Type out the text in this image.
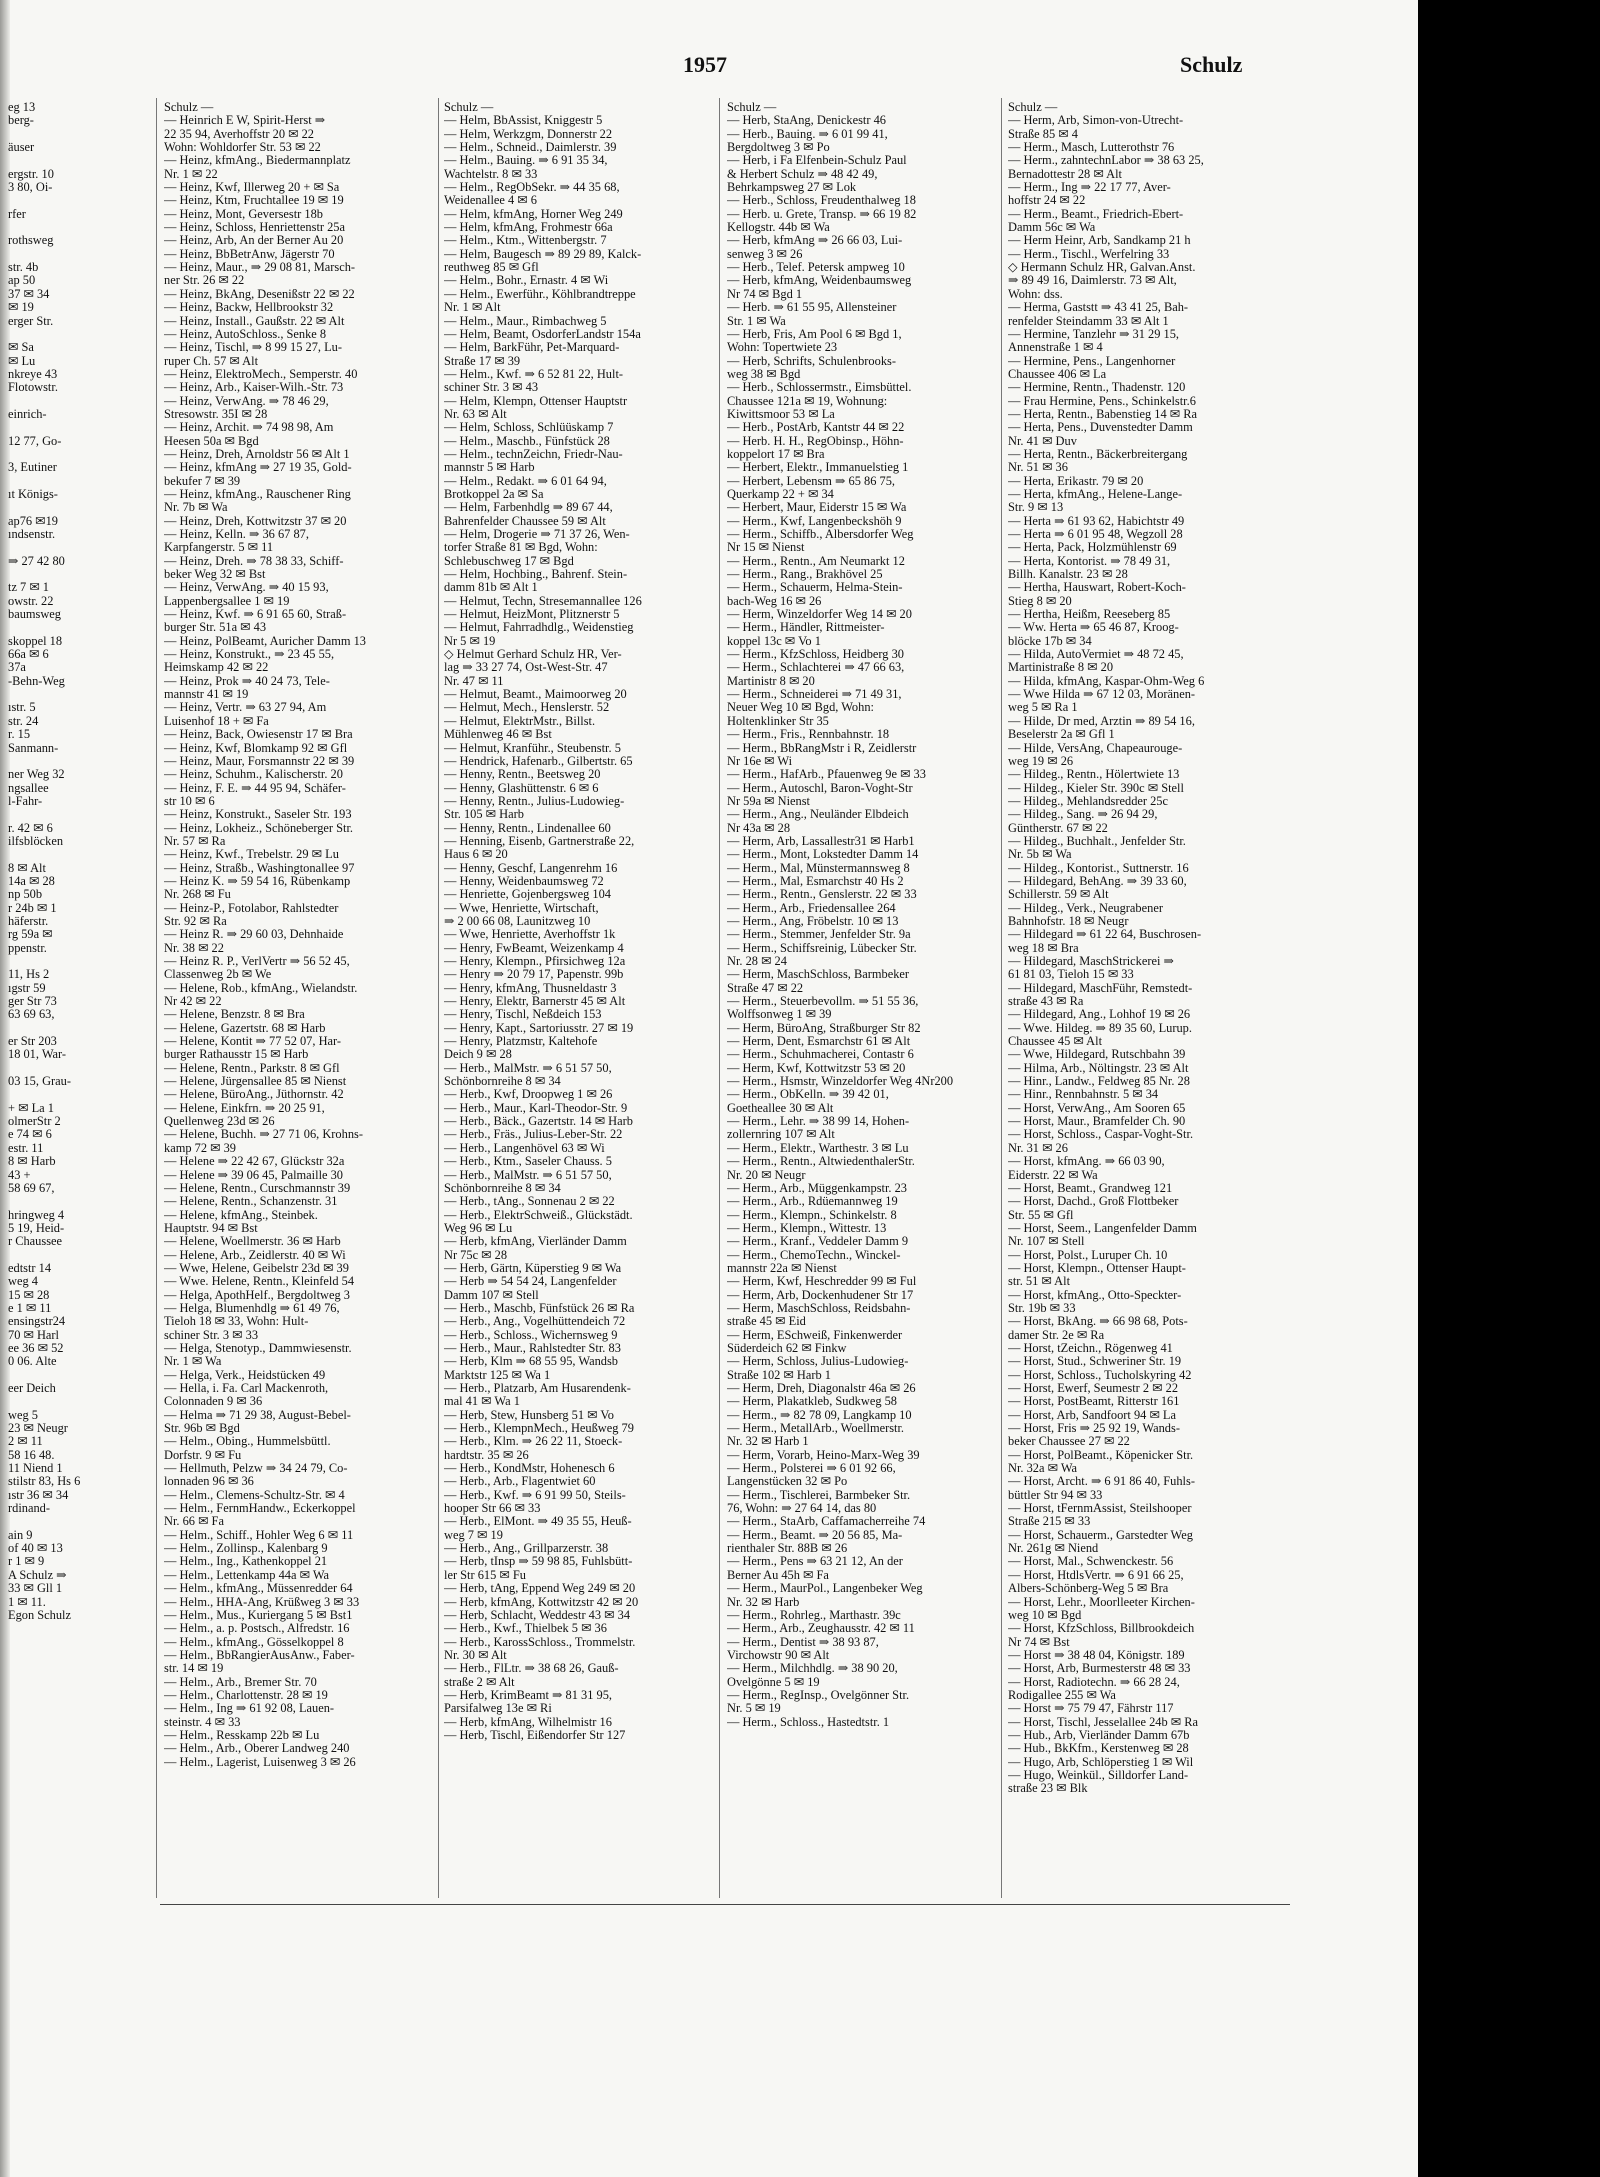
1957	Schulz
eg 13
berg-

äuser

ergstr. 10
3 80, Oi-

rfer

rothsweg

str. 4b
ap 50
37 ✉ 34
✉ 19
erger Str.

✉ Sa
✉ Lu
nkreye 43
Flotowstr.

einrich-

12 77, Go-

3, Eutiner

ıt Königs-

ap76 ✉19
ındsenstr.

⇒ 27 42 80

tz 7 ✉ 1
owstr. 22
baumsweg

skoppel 18
66a ✉ 6
37a
-Behn-Weg

ıstr. 5
str. 24
r. 15
Sanmann-

ner Weg 32
ngsallee
l-Fahr-

r. 42 ✉ 6
ilfsblöcken

8 ✉ Alt
14a ✉ 28
np 50b
r 24b ✉ 1
häferstr.
rg 59a ✉
ppenstr.

11, Hs 2
ıgstr 59
ger Str 73
63 69 63,

er Str 203
18 01, War-

03 15, Grau-

+ ✉ La 1
olmerStr 2
e 74 ✉ 6
estr. 11
8 ✉ Harb
43 +
58 69 67,

hringweg 4
5 19, Heid-
r Chaussee

edtstr 14
weg 4
15 ✉ 28
e 1 ✉ 11
ensingstr24
70 ✉ Harl
ee 36 ✉ 52
0 06. Alte

eer Deich

weg 5
23 ✉ Neugr
2 ✉ 11
58 16 48.
11 Niend 1
stilstr 83, Hs 6
ıstr 36 ✉ 34
rdinand-

ain 9
of 40 ✉ 13
r 1 ✉ 9
A Schulz ⇒
33 ✉ Gll 1
1 ✉ 11.
Egon Schulz
Schulz —
— Heinrich E W, Spirit-Herst ⇒
22 35 94, Averhoffstr 20 ✉ 22
Wohn: Wohldorfer Str. 53 ✉ 22
— Heinz, kfmAng., Biedermannplatz
Nr. 1 ✉ 22
— Heinz, Kwf, Illerweg 20 + ✉ Sa
— Heinz, Ktm, Fruchtallee 19 ✉ 19
— Heinz, Mont, Geversestr 18b
— Heinz, Schloss, Henriettenstr 25a
— Heinz, Arb, An der Berner Au 20
— Heinz, BbBetrAnw, Jägerstr 70
— Heinz, Maur., ⇒ 29 08 81, Marsch-
ner Str. 26 ✉ 22
— Heinz, BkAng, Desenißstr 22 ✉ 22
— Heinz, Backw, Hellbrookstr 32
— Heinz, Install., Gaußstr. 22 ✉ Alt
— Heinz, AutoSchloss., Senke 8
— Heinz, Tischl, ⇒ 8 99 15 27, Lu-
ruper Ch. 57 ✉ Alt
— Heinz, ElektroMech., Semperstr. 40
— Heinz, Arb., Kaiser-Wilh.-Str. 73
— Heinz, VerwAng. ⇒ 78 46 29,
Stresowstr. 35I ✉ 28
— Heinz, Archit. ⇒ 74 98 98, Am
Heesen 50a ✉ Bgd
— Heinz, Dreh, Arnoldstr 56 ✉ Alt 1
— Heinz, kfmAng ⇒ 27 19 35, Gold-
bekufer 7 ✉ 39
— Heinz, kfmAng., Rauschener Ring
Nr. 7b ✉ Wa
— Heinz, Dreh, Kottwitzstr 37 ✉ 20
— Heinz, Kelln. ⇒ 36 67 87,
Karpfangerstr. 5 ✉ 11
— Heinz, Dreh. ⇒ 78 38 33, Schiff-
beker Weg 32 ✉ Bst
— Heinz, VerwAng. ⇒ 40 15 93,
Lappenbergsallee 1 ✉ 19
— Heinz, Kwf. ⇒ 6 91 65 60, Straß-
burger Str. 51a ✉ 43
— Heinz, PolBeamt, Auricher Damm 13
— Heinz, Konstrukt., ⇒ 23 45 55,
Heimskamp 42 ✉ 22
— Heinz, Prok ⇒ 40 24 73, Tele-
mannstr 41 ✉ 19
— Heinz, Vertr. ⇒ 63 27 94, Am
Luisenhof 18 + ✉ Fa
— Heinz, Back, Owiesenstr 17 ✉ Bra
— Heinz, Kwf, Blomkamp 92 ✉ Gfl
— Heinz, Maur, Forsmannstr 22 ✉ 39
— Heinz, Schuhm., Kalischerstr. 20
— Heinz, F. E. ⇒ 44 95 94, Schäfer-
str 10 ✉ 6
— Heinz, Konstrukt., Saseler Str. 193
— Heinz, Lokheiz., Schöneberger Str.
Nr. 57 ✉ Ra
— Heinz, Kwf., Trebelstr. 29 ✉ Lu
— Heinz, Straßb., Washingtonallee 97
— Heinz K. ⇒ 59 54 16, Rübenkamp
Nr. 268 ✉ Fu
— Heinz-P., Fotolabor, Rahlstedter
Str. 92 ✉ Ra
— Heinz R. ⇒ 29 60 03, Dehnhaide
Nr. 38 ✉ 22
— Heinz R. P., VerlVertr ⇒ 56 52 45,
Classenweg 2b ✉ We
— Helene, Rob., kfmAng., Wielandstr.
Nr 42 ✉ 22
— Helene, Benzstr. 8 ✉ Bra
— Helene, Gazertstr. 68 ✉ Harb
— Helene, Kontit ⇒ 77 52 07, Har-
burger Rathausstr 15 ✉ Harb
— Helene, Rentn., Parkstr. 8 ✉ Gfl
— Helene, Jürgensallee 85 ✉ Nienst
— Helene, BüroAng., Jüthornstr. 42
— Helene, Einkfrn. ⇒ 20 25 91,
Quellenweg 23d ✉ 26
— Helene, Buchh. ⇒ 27 71 06, Krohns-
kamp 72 ✉ 39
— Helene ⇒ 22 42 67, Glückstr 32a
— Helene ⇒ 39 06 45, Palmaille 30
— Helene, Rentn., Curschmannstr 39
— Helene, Rentn., Schanzenstr. 31
— Helene, kfmAng., Steinbek.
Hauptstr. 94 ✉ Bst
— Helene, Woellmerstr. 36 ✉ Harb
— Helene, Arb., Zeidlerstr. 40 ✉ Wi
— Wwe, Helene, Geibelstr 23d ✉ 39
— Wwe. Helene, Rentn., Kleinfeld 54
— Helga, ApothHelf., Bergdoltweg 3
— Helga, Blumenhdlg ⇒ 61 49 76,
Tieloh 18 ✉ 33, Wohn: Hult-
schiner Str. 3 ✉ 33
— Helga, Stenotyp., Dammwiesenstr.
Nr. 1 ✉ Wa
— Helga, Verk., Heidstücken 49
— Hella, i. Fa. Carl Mackenroth,
Colonnaden 9 ✉ 36
— Helma ⇒ 71 29 38, August-Bebel-
Str. 96b ✉ Bgd
— Helm., Obing., Hummelsbüttl.
Dorfstr. 9 ✉ Fu
— Hellmuth, Pelzw ⇒ 34 24 79, Co-
lonnaden 96 ✉ 36
— Helm., Clemens-Schultz-Str. ✉ 4
— Helm., FernmHandw., Eckerkoppel
Nr. 66 ✉ Fa
— Helm., Schiff., Hohler Weg 6 ✉ 11
— Helm., Zollinsp., Kalenbarg 9
— Helm., Ing., Kathenkoppel 21
— Helm., Lettenkamp 44a ✉ Wa
— Helm., kfmAng., Müssenredder 64
— Helm., HHA-Ang, Krüßweg 3 ✉ 33
— Helm., Mus., Kuriergang 5 ✉ Bst1
— Helm., a. p. Postsch., Alfredstr. 16
— Helm., kfmAng., Gösselkoppel 8
— Helm., BbRangierAusAnw., Faber-
str. 14 ✉ 19
— Helm., Arb., Bremer Str. 70
— Helm., Charlottenstr. 28 ✉ 19
— Helm., Ing ⇒ 61 92 08, Lauen-
steinstr. 4 ✉ 33
— Helm., Resskamp 22b ✉ Lu
— Helm., Arb., Oberer Landweg 240
— Helm., Lagerist, Luisenweg 3 ✉ 26
Schulz —
— Helm, BbAssist, Kniggestr 5
— Helm, Werkzgm, Donnerstr 22
— Helm., Schneid., Daimlerstr. 39
— Helm., Bauing. ⇒ 6 91 35 34,
Wachtelstr. 8 ✉ 33
— Helm., RegObSekr. ⇒ 44 35 68,
Weidenallee 4 ✉ 6
— Helm, kfmAng, Horner Weg 249
— Helm, kfmAng, Frohmestr 66a
— Helm., Ktm., Wittenbergstr. 7
— Helm, Baugesch ⇒ 89 29 89, Kalck-
reuthweg 85 ✉ Gfl
— Helm., Bohr., Ernastr. 4 ✉ Wi
— Helm., Ewerführ., Köhlbrandtreppe
Nr. 1 ✉ Alt
— Helm., Maur., Rimbachweg 5
— Helm, Beamt, OsdorferLandstr 154a
— Helm, BarkFühr, Pet-Marquard-
Straße 17 ✉ 39
— Helm., Kwf. ⇒ 6 52 81 22, Hult-
schiner Str. 3 ✉ 43
— Helm, Klempn, Ottenser Hauptstr
Nr. 63 ✉ Alt
— Helm, Schloss, Schlüüskamp 7
— Helm., Maschb., Fünfstück 28
— Helm., technZeichn, Friedr-Nau-
mannstr 5 ✉ Harb
— Helm., Redakt. ⇒ 6 01 64 94,
Brotkoppel 2a ✉ Sa
— Helm, Farbenhdlg ⇒ 89 67 44,
Bahrenfelder Chaussee 59 ✉ Alt
— Helm, Drogerie ⇒ 71 37 26, Wen-
torfer Straße 81 ✉ Bgd, Wohn:
Schlebuschweg 17 ✉ Bgd
— Helm, Hochbing., Bahrenf. Stein-
damm 81b ✉ Alt 1
— Helmut, Techn, Stresemannallee 126
— Helmut, HeizMont, Plitznerstr 5
— Helmut, Fahrradhdlg., Weidenstieg
Nr 5 ✉ 19
◇ Helmut Gerhard Schulz HR, Ver-
lag ⇒ 33 27 74, Ost-West-Str. 47
Nr. 47 ✉ 11
— Helmut, Beamt., Maimoorweg 20
— Helmut, Mech., Henslerstr. 52
— Helmut, ElektrMstr., Billst.
Mühlenweg 46 ✉ Bst
— Helmut, Kranführ., Steubenstr. 5
— Hendrick, Hafenarb., Gilbertstr. 65
— Henny, Rentn., Beetsweg 20
— Henny, Glashüttenstr. 6 ✉ 6
— Henny, Rentn., Julius-Ludowieg-
Str. 105 ✉ Harb
— Henny, Rentn., Lindenallee 60
— Henning, Eisenb, Gartnerstraße 22,
Haus 6 ✉ 20
— Henny, Geschf, Langenrehm 16
— Henny, Weidenbaumsweg 72
— Henriette, Gojenbergsweg 104
— Wwe, Henriette, Wirtschaft,
⇒ 2 00 66 08, Launitzweg 10
— Wwe, Henriette, Averhoffstr 1k
— Henry, FwBeamt, Weizenkamp 4
— Henry, Klempn., Pfirsichweg 12a
— Henry ⇒ 20 79 17, Papenstr. 99b
— Henry, kfmAng, Thusneldastr 3
— Henry, Elektr, Barnerstr 45 ✉ Alt
— Henry, Tischl, Neßdeich 153
— Henry, Kapt., Sartoriusstr. 27 ✉ 19
— Henry, Platzmstr, Kaltehofe
Deich 9 ✉ 28
— Herb., MalMstr. ⇒ 6 51 57 50,
Schönbornreihe 8 ✉ 34
— Herb., Kwf, Droopweg 1 ✉ 26
— Herb., Maur., Karl-Theodor-Str. 9
— Herb., Bäck., Gazertstr. 14 ✉ Harb
— Herb., Fräs., Julius-Leber-Str. 22
— Herb., Langenhövel 63 ✉ Wi
— Herb., Ktm., Saseler Chauss. 5
— Herb., MalMstr. ⇒ 6 51 57 50,
Schönbornreihe 8 ✉ 34
— Herb., tAng., Sonnenau 2 ✉ 22
— Herb., ElektrSchweiß., Glückstädt.
Weg 96 ✉ Lu
— Herb, kfmAng, Vierländer Damm
Nr 75c ✉ 28
— Herb, Gärtn, Küperstieg 9 ✉ Wa
— Herb ⇒ 54 54 24, Langenfelder
Damm 107 ✉ Stell
— Herb., Maschb, Fünfstück 26 ✉ Ra
— Herb., Ang., Vogelhüttendeich 72
— Herb., Schloss., Wichernsweg 9
— Herb., Maur., Rahlstedter Str. 83
— Herb, Klm ⇒ 68 55 95, Wandsb
Marktstr 125 ✉ Wa 1
— Herb., Platzarb, Am Husarendenk-
mal 41 ✉ Wa 1
— Herb, Stew, Hunsberg 51 ✉ Vo
— Herb., KlempnMech., Heußweg 79
— Herb., Klm. ⇒ 26 22 11, Stoeck-
hardtstr. 35 ✉ 26
— Herb., KondMstr, Hohenesch 6
— Herb., Arb., Flagentwiet 60
— Herb., Kwf. ⇒ 6 91 99 50, Steils-
hooper Str 66 ✉ 33
— Herb., ElMont. ⇒ 49 35 55, Heuß-
weg 7 ✉ 19
— Herb., Ang., Grillparzerstr. 38
— Herb, tInsp ⇒ 59 98 85, Fuhlsbütt-
ler Str 615 ✉ Fu
— Herb, tAng, Eppend Weg 249 ✉ 20
— Herb, kfmAng, Kottwitzstr 42 ✉ 20
— Herb, Schlacht, Weddestr 43 ✉ 34
— Herb., Kwf., Thielbek 5 ✉ 36
— Herb., KarossSchloss., Trommelstr.
Nr. 30 ✉ Alt
— Herb., FlLtr. ⇒ 38 68 26, Gauß-
straße 2 ✉ Alt
— Herb, KrimBeamt ⇒ 81 31 95,
Parsifalweg 13e ✉ Ri
— Herb, kfmAng, Wilhelmistr 16
— Herb, Tischl, Eißendorfer Str 127
Schulz —
— Herb, StaAng, Denickestr 46
— Herb., Bauing. ⇒ 6 01 99 41,
Bergdoltweg 3 ✉ Po
— Herb, i Fa Elfenbein-Schulz Paul
& Herbert Schulz ⇒ 48 42 49,
Behrkampsweg 27 ✉ Lok
— Herb., Schloss, Freudenthalweg 18
— Herb. u. Grete, Transp. ⇒ 66 19 82
Kellogstr. 44b ✉ Wa
— Herb, kfmAng ⇒ 26 66 03, Lui-
senweg 3 ✉ 26
— Herb., Telef. Petersk ampweg 10
— Herb, kfmAng, Weidenbaumsweg
Nr 74 ✉ Bgd 1
— Herb. ⇒ 61 55 95, Allensteiner
Str. 1 ✉ Wa
— Herb, Fris, Am Pool 6 ✉ Bgd 1,
Wohn: Topertwiete 23
— Herb, Schrifts, Schulenbrooks-
weg 38 ✉ Bgd
— Herb., Schlossermstr., Eimsbüttel.
Chaussee 121a ✉ 19, Wohnung:
Kiwittsmoor 53 ✉ La
— Herb., PostArb, Kantstr 44 ✉ 22
— Herb. H. H., RegObinsp., Höhn-
koppelort 17 ✉ Bra
— Herbert, Elektr., Immanuelstieg 1
— Herbert, Lebensm ⇒ 65 86 75,
Querkamp 22 + ✉ 34
— Herbert, Maur, Eiderstr 15 ✉ Wa
— Herm., Kwf, Langenbeckshöh 9
— Herm., Schiffb., Albersdorfer Weg
Nr 15 ✉ Nienst
— Herm., Rentn., Am Neumarkt 12
— Herm., Rang., Brakhövel 25
— Herm., Schauerm, Helma-Stein-
bach-Weg 16 ✉ 26
— Herm, Winzeldorfer Weg 14 ✉ 20
— Herm., Händler, Rittmeister-
koppel 13c ✉ Vo 1
— Herm., KfzSchloss, Heidberg 30
— Herm., Schlachterei ⇒ 47 66 63,
Martinistr 8 ✉ 20
— Herm., Schneiderei ⇒ 71 49 31,
Neuer Weg 10 ✉ Bgd, Wohn:
Holtenklinker Str 35
— Herm., Fris., Rennbahnstr. 18
— Herm., BbRangMstr i R, Zeidlerstr
Nr 16e ✉ Wi
— Herm., HafArb., Pfauenweg 9e ✉ 33
— Herm., Autoschl, Baron-Voght-Str
Nr 59a ✉ Nienst
— Herm., Ang., Neuländer Elbdeich
Nr 43a ✉ 28
— Herm, Arb, Lassallestr31 ✉ Harb1
— Herm., Mont, Lokstedter Damm 14
— Herm., Mal, Münstermannsweg 8
— Herm., Mal, Esmarchstr 40 Hs 2
— Herm., Rentn., Genslerstr. 22 ✉ 33
— Herm., Arb., Friedensallee 264
— Herm., Ang, Fröbelstr. 10 ✉ 13
— Herm., Stemmer, Jenfelder Str. 9a
— Herm., Schiffsreinig, Lübecker Str.
Nr. 28 ✉ 24
— Herm, MaschSchloss, Barmbeker
Straße 47 ✉ 22
— Herm., Steuerbevollm. ⇒ 51 55 36,
Wolffsonweg 1 ✉ 39
— Herm, BüroAng, Straßburger Str 82
— Herm, Dent, Esmarchstr 61 ✉ Alt
— Herm., Schuhmacherei, Contastr 6
— Herm, Kwf, Kottwitzstr 53 ✉ 20
— Herm., Hsmstr, Winzeldorfer Weg 4Nr200
— Herm., ObKelln. ⇒ 39 42 01,
Goetheallee 30 ✉ Alt
— Herm., Lehr. ⇒ 38 99 14, Hohen-
zollernring 107 ✉ Alt
— Herm., Elektr., Warthestr. 3 ✉ Lu
— Herm., Rentn., AltwiedenthalerStr.
Nr. 20 ✉ Neugr
— Herm., Arb., Müggenkampstr. 23
— Herm., Arb., Rdüemannweg 19
— Herm., Klempn., Schinkelstr. 8
— Herm., Klempn., Wittestr. 13
— Herm., Kranf., Veddeler Damm 9
— Herm., ChemoTechn., Winckel-
mannstr 22a ✉ Nienst
— Herm, Kwf, Heschredder 99 ✉ Ful
— Herm, Arb, Dockenhudener Str 17
— Herm, MaschSchloss, Reidsbahn-
straße 45 ✉ Eid
— Herm, ESchweiß, Finkenwerder
Süderdeich 62 ✉ Finkw
— Herm, Schloss, Julius-Ludowieg-
Straße 102 ✉ Harb 1
— Herm, Dreh, Diagonalstr 46a ✉ 26
— Herm, Plakatkleb, Sudkweg 58
— Herm., ⇒ 82 78 09, Langkamp 10
— Herm., MetallArb., Woellmerstr.
Nr. 32 ✉ Harb 1
— Herm, Vorarb, Heino-Marx-Weg 39
— Herm., Polsterei ⇒ 6 01 92 66,
Langenstücken 32 ✉ Po
— Herm., Tischlerei, Barmbeker Str.
76, Wohn: ⇒ 27 64 14, das 80
— Herm., StaArb, Caffamacherreihe 74
— Herm., Beamt. ⇒ 20 56 85, Ma-
rienthaler Str. 88B ✉ 26
— Herm., Pens ⇒ 63 21 12, An der
Berner Au 45h ✉ Fa
— Herm., MaurPol., Langenbeker Weg
Nr. 32 ✉ Harb
— Herm., Rohrleg., Marthastr. 39c
— Herm., Arb., Zeughausstr. 42 ✉ 11
— Herm., Dentist ⇒ 38 93 87,
Virchowstr 90 ✉ Alt
— Herm., Milchhdlg. ⇒ 38 90 20,
Ovelgönne 5 ✉ 19
— Herm., RegInsp., Ovelgönner Str.
Nr. 5 ✉ 19
— Herm., Schloss., Hastedtstr. 1
Schulz —
— Herm, Arb, Simon-von-Utrecht-
Straße 85 ✉ 4
— Herm., Masch, Lutterothstr 76
— Herm., zahntechnLabor ⇒ 38 63 25,
Bernadottestr 28 ✉ Alt
— Herm., Ing ⇒ 22 17 77, Aver-
hoffstr 24 ✉ 22
— Herm., Beamt., Friedrich-Ebert-
Damm 56c ✉ Wa
— Herm Heinr, Arb, Sandkamp 21 h
— Herm., Tischl., Werfelring 33
◇ Hermann Schulz HR, Galvan.Anst.
⇒ 89 49 16, Daimlerstr. 73 ✉ Alt,
Wohn: dss.
— Herma, Gaststt ⇒ 43 41 25, Bah-
renfelder Steindamm 33 ✉ Alt 1
— Hermine, Tanzlehr ⇒ 31 29 15,
Annenstraße 1 ✉ 4
— Hermine, Pens., Langenhorner
Chaussee 406 ✉ La
— Hermine, Rentn., Thadenstr. 120
— Frau Hermine, Pens., Schinkelstr.6
— Herta, Rentn., Babenstieg 14 ✉ Ra
— Herta, Pens., Duvenstedter Damm
Nr. 41 ✉ Duv
— Herta, Rentn., Bäckerbreitergang
Nr. 51 ✉ 36
— Herta, Erikastr. 79 ✉ 20
— Herta, kfmAng., Helene-Lange-
Str. 9 ✉ 13
— Herta ⇒ 61 93 62, Habichtstr 49
— Herta ⇒ 6 01 95 48, Wegzoll 28
— Herta, Pack, Holzmühlenstr 69
— Herta, Kontorist. ⇒ 78 49 31,
Billh. Kanalstr. 23 ✉ 28
— Hertha, Hauswart, Robert-Koch-
Stieg 8 ✉ 20
— Hertha, Heißm, Reeseberg 85
— Ww. Herta ⇒ 65 46 87, Kroog-
blöcke 17b ✉ 34
— Hilda, AutoVermiet ⇒ 48 72 45,
Martinistraße 8 ✉ 20
— Hilda, kfmAng, Kaspar-Ohm-Weg 6
— Wwe Hilda ⇒ 67 12 03, Moränen-
weg 5 ✉ Ra 1
— Hilde, Dr med, Arztin ⇒ 89 54 16,
Beselerstr 2a ✉ Gfl 1
— Hilde, VersAng, Chapeaurouge-
weg 19 ✉ 26
— Hildeg., Rentn., Hölertwiete 13
— Hildeg., Kieler Str. 390c ✉ Stell
— Hildeg., Mehlandsredder 25c
— Hildeg., Sang. ⇒ 26 94 29,
Güntherstr. 67 ✉ 22
— Hildeg., Buchhalt., Jenfelder Str.
Nr. 5b ✉ Wa
— Hildeg., Kontorist., Suttnerstr. 16
— Hildegard, BehAng. ⇒ 39 33 60,
Schillerstr. 59 ✉ Alt
— Hildeg., Verk., Neugrabener
Bahnhofstr. 18 ✉ Neugr
— Hildegard ⇒ 61 22 64, Buschrosen-
weg 18 ✉ Bra
— Hildegard, MaschStrickerei ⇒
61 81 03, Tieloh 15 ✉ 33
— Hildegard, MaschFühr, Remstedt-
straße 43 ✉ Ra
— Hildegard, Ang., Lohhof 19 ✉ 26
— Wwe. Hildeg. ⇒ 89 35 60, Lurup.
Chaussee 45 ✉ Alt
— Wwe, Hildegard, Rutschbahn 39
— Hilma, Arb., Nöltingstr. 23 ✉ Alt
— Hinr., Landw., Feldweg 85 Nr. 28
— Hinr., Rennbahnstr. 5 ✉ 34
— Horst, VerwAng., Am Sooren 65
— Horst, Maur., Bramfelder Ch. 90
— Horst, Schloss., Caspar-Voght-Str.
Nr. 31 ✉ 26
— Horst, kfmAng. ⇒ 66 03 90,
Eiderstr. 22 ✉ Wa
— Horst, Beamt., Grandweg 121
— Horst, Dachd., Groß Flottbeker
Str. 55 ✉ Gfl
— Horst, Seem., Langenfelder Damm
Nr. 107 ✉ Stell
— Horst, Polst., Luruper Ch. 10
— Horst, Klempn., Ottenser Haupt-
str. 51 ✉ Alt
— Horst, kfmAng., Otto-Speckter-
Str. 19b ✉ 33
— Horst, BkAng. ⇒ 66 98 68, Pots-
damer Str. 2e ✉ Ra
— Horst, tZeichn., Rögenweg 41
— Horst, Stud., Schweriner Str. 19
— Horst, Schloss., Tucholskyring 42
— Horst, Ewerf, Seumestr 2 ✉ 22
— Horst, PostBeamt, Ritterstr 161
— Horst, Arb, Sandfoort 94 ✉ La
— Horst, Fris ⇒ 25 92 19, Wands-
beker Chaussee 27 ✉ 22
— Horst, PolBeamt., Köpenicker Str.
Nr. 32a ✉ Wa
— Horst, Archt. ⇒ 6 91 86 40, Fuhls-
büttler Str 94 ✉ 33
— Horst, tFernmAssist, Steilshooper
Straße 215 ✉ 33
— Horst, Schauerm., Garstedter Weg
Nr. 261g ✉ Niend
— Horst, Mal., Schwenckestr. 56
— Horst, HtdlsVertr. ⇒ 6 91 66 25,
Albers-Schönberg-Weg 5 ✉ Bra
— Horst, Lehr., Moorlleeter Kirchen-
weg 10 ✉ Bgd
— Horst, KfzSchloss, Billbrookdeich
Nr 74 ✉ Bst
— Horst ⇒ 38 48 04, Königstr. 189
— Horst, Arb, Burmesterstr 48 ✉ 33
— Horst, Radiotechn. ⇒ 66 28 24,
Rodigallee 255 ✉ Wa
— Horst ⇒ 75 79 47, Fährstr 117
— Horst, Tischl, Jesselallee 24b ✉ Ra
— Hub., Arb, Vierländer Damm 67b
— Hub., BkKfm., Kerstenweg ✉ 28
— Hugo, Arb, Schlöperstieg 1 ✉ Wil
— Hugo, Weinkül., Silldorfer Land-
straße 23 ✉ Blk
